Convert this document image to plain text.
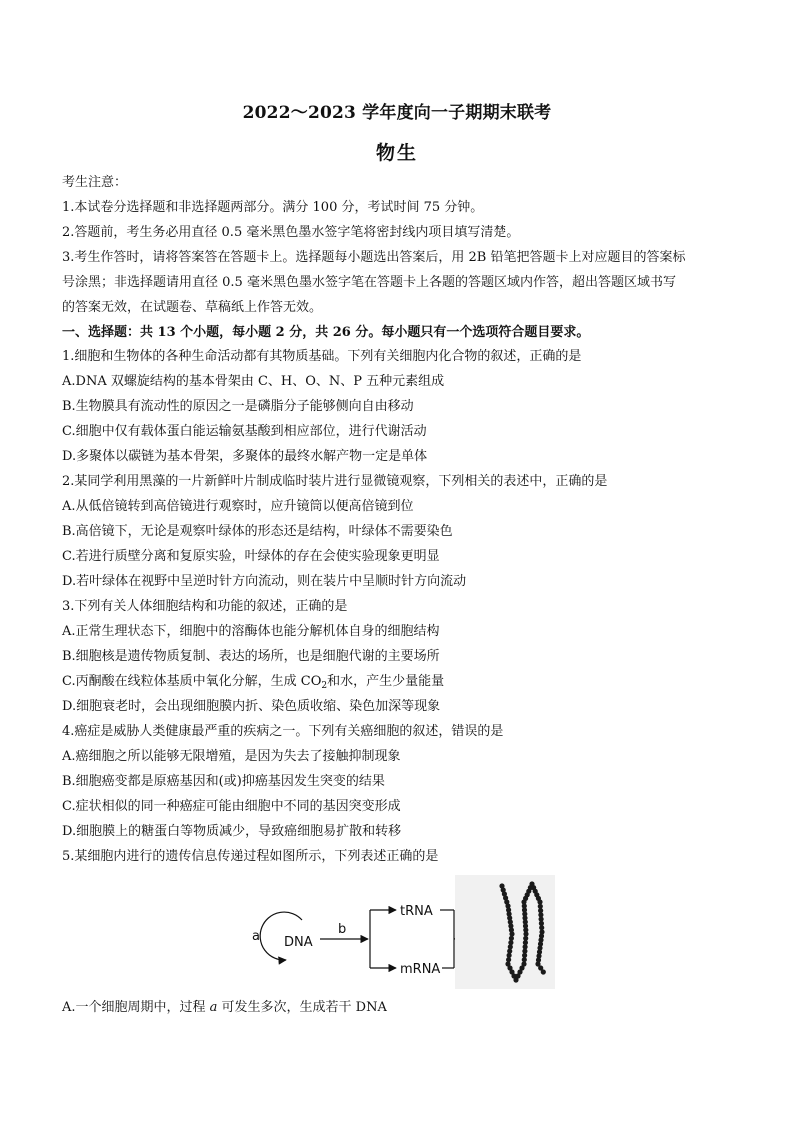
2022～2023 学年度向一子期期末联考
物生
考生注意：
1.本试卷分选择题和非选择题两部分。满分 100 分，考试时间 75 分钟。
2.答题前，考生务必用直径 0.5 毫米黑色墨水签字笔将密封线内项目填写清楚。
3.考生作答时，请将答案答在答题卡上。选择题每小题选出答案后，用 2B 铅笔把答题卡上对应题目的答案标
号涂黑；非选择题请用直径 0.5 毫米黑色墨水签字笔在答题卡上各题的答题区域内作答，超出答题区域书写
的答案无效，在试题卷、草稿纸上作答无效。
一、选择题：共 13 个小题，每小题 2 分，共 26 分。每小题只有一个选项符合题目要求。
1.细胞和生物体的各种生命活动都有其物质基础。下列有关细胞内化合物的叙述，正确的是
A.DNA 双螺旋结构的基本骨架由 C、H、O、N、P 五种元素组成
B.生物膜具有流动性的原因之一是磷脂分子能够侧向自由移动
C.细胞中仅有载体蛋白能运输氨基酸到相应部位，进行代谢活动
D.多聚体以碳链为基本骨架，多聚体的最终水解产物一定是单体
2.某同学利用黑藻的一片新鲜叶片制成临时装片进行显微镜观察，下列相关的表述中，正确的是
A.从低倍镜转到高倍镜进行观察时，应升镜筒以便高倍镜到位
B.高倍镜下，无论是观察叶绿体的形态还是结构，叶绿体不需要染色
C.若进行质壁分离和复原实验，叶绿体的存在会使实验现象更明显
D.若叶绿体在视野中呈逆时针方向流动，则在装片中呈顺时针方向流动
3.下列有关人体细胞结构和功能的叙述，正确的是
A.正常生理状态下，细胞中的溶酶体也能分解机体自身的细胞结构
B.细胞核是遗传物质复制、表达的场所，也是细胞代谢的主要场所
C.丙酮酸在线粒体基质中氧化分解，生成 $CO_2$和水，产生少量能量
D.细胞衰老时，会出现细胞膜内折、染色质收缩、染色加深等现象
4.癌症是威胁人类健康最严重的疾病之一。下列有关癌细胞的叙述，错误的是
A.癌细胞之所以能够无限增殖，是因为失去了接触抑制现象
B.细胞癌变都是原癌基因和(或)抑癌基因发生突变的结果
C.症状相似的同一种癌症可能由细胞中不同的基因突变形成
D.细胞膜上的糖蛋白等物质减少，导致癌细胞易扩散和转移
5.某细胞内进行的遗传信息传递过程如图所示，下列表述正确的是
a DNA
b
tRNA
mRNA
A.一个细胞周期中，过程 a 可发生多次，生成若干 DNA
